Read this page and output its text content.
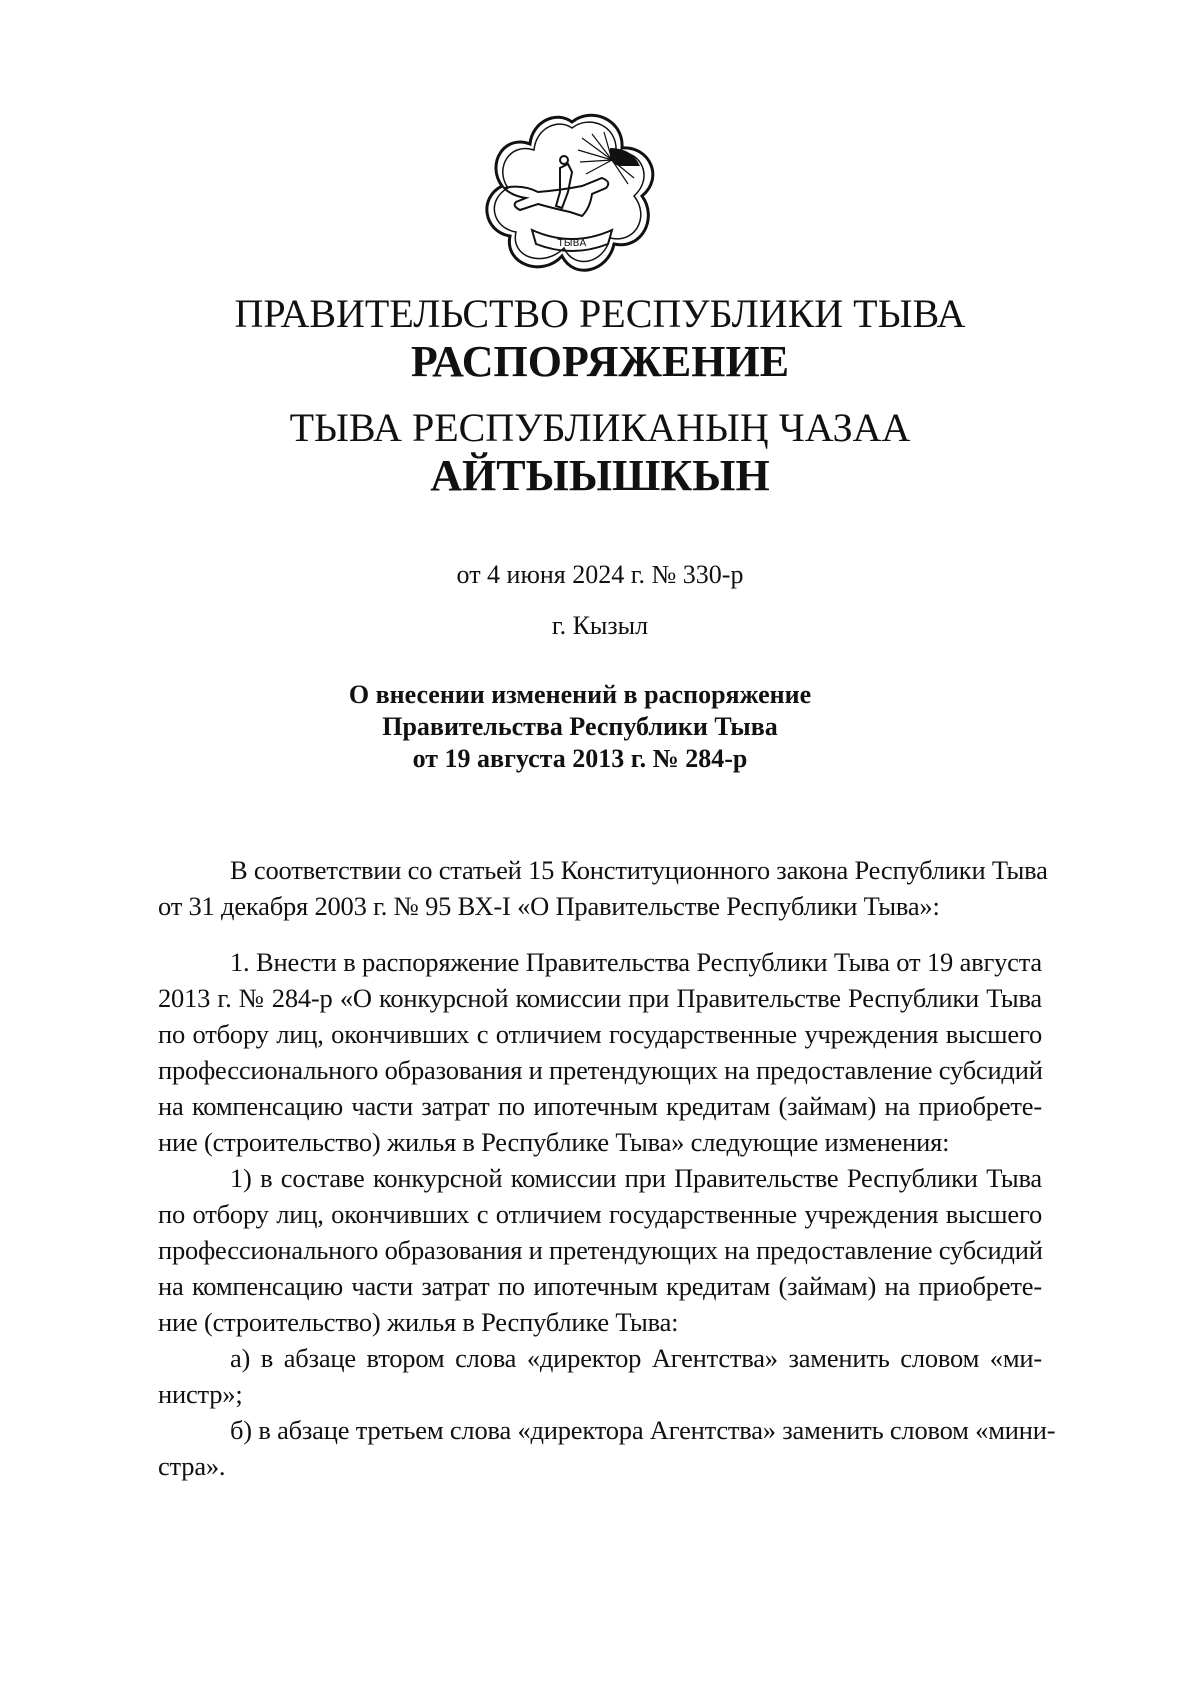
ТЫВА
ПРАВИТЕЛЬСТВО РЕСПУБЛИКИ ТЫВА
РАСПОРЯЖЕНИЕ
ТЫВА РЕСПУБЛИКАНЫҢ ЧАЗАА
АЙТЫЫШКЫН
от 4 июня 2024 г. № 330-р
г. Кызыл
О внесении изменений в распоряжение
Правительства Республики Тыва
от 19 августа 2013 г. № 284-р
В соответствии со статьей 15 Конституционного закона Республики Тыва
от 31 декабря 2003 г. № 95 ВХ-I «О Правительстве Республики Тыва»:
1. Внести в распоряжение Правительства Республики Тыва от 19 августа
2013 г. № 284-р «О конкурсной комиссии при Правительстве Республики Тыва
по отбору лиц, окончивших с отличием государственные учреждения высшего
профессионального образования и претендующих на предоставление субсидий
на компенсацию части затрат по ипотечным кредитам (займам) на приобрете-
ние (строительство) жилья в Республике Тыва» следующие изменения:
1) в составе конкурсной комиссии при Правительстве Республики Тыва
по отбору лиц, окончивших с отличием государственные учреждения высшего
профессионального образования и претендующих на предоставление субсидий
на компенсацию части затрат по ипотечным кредитам (займам) на приобрете-
ние (строительство) жилья в Республике Тыва:
а) в абзаце втором слова «директор Агентства» заменить словом «ми-
нистр»;
б) в абзаце третьем слова «директора Агентства» заменить словом «мини-
стра».
